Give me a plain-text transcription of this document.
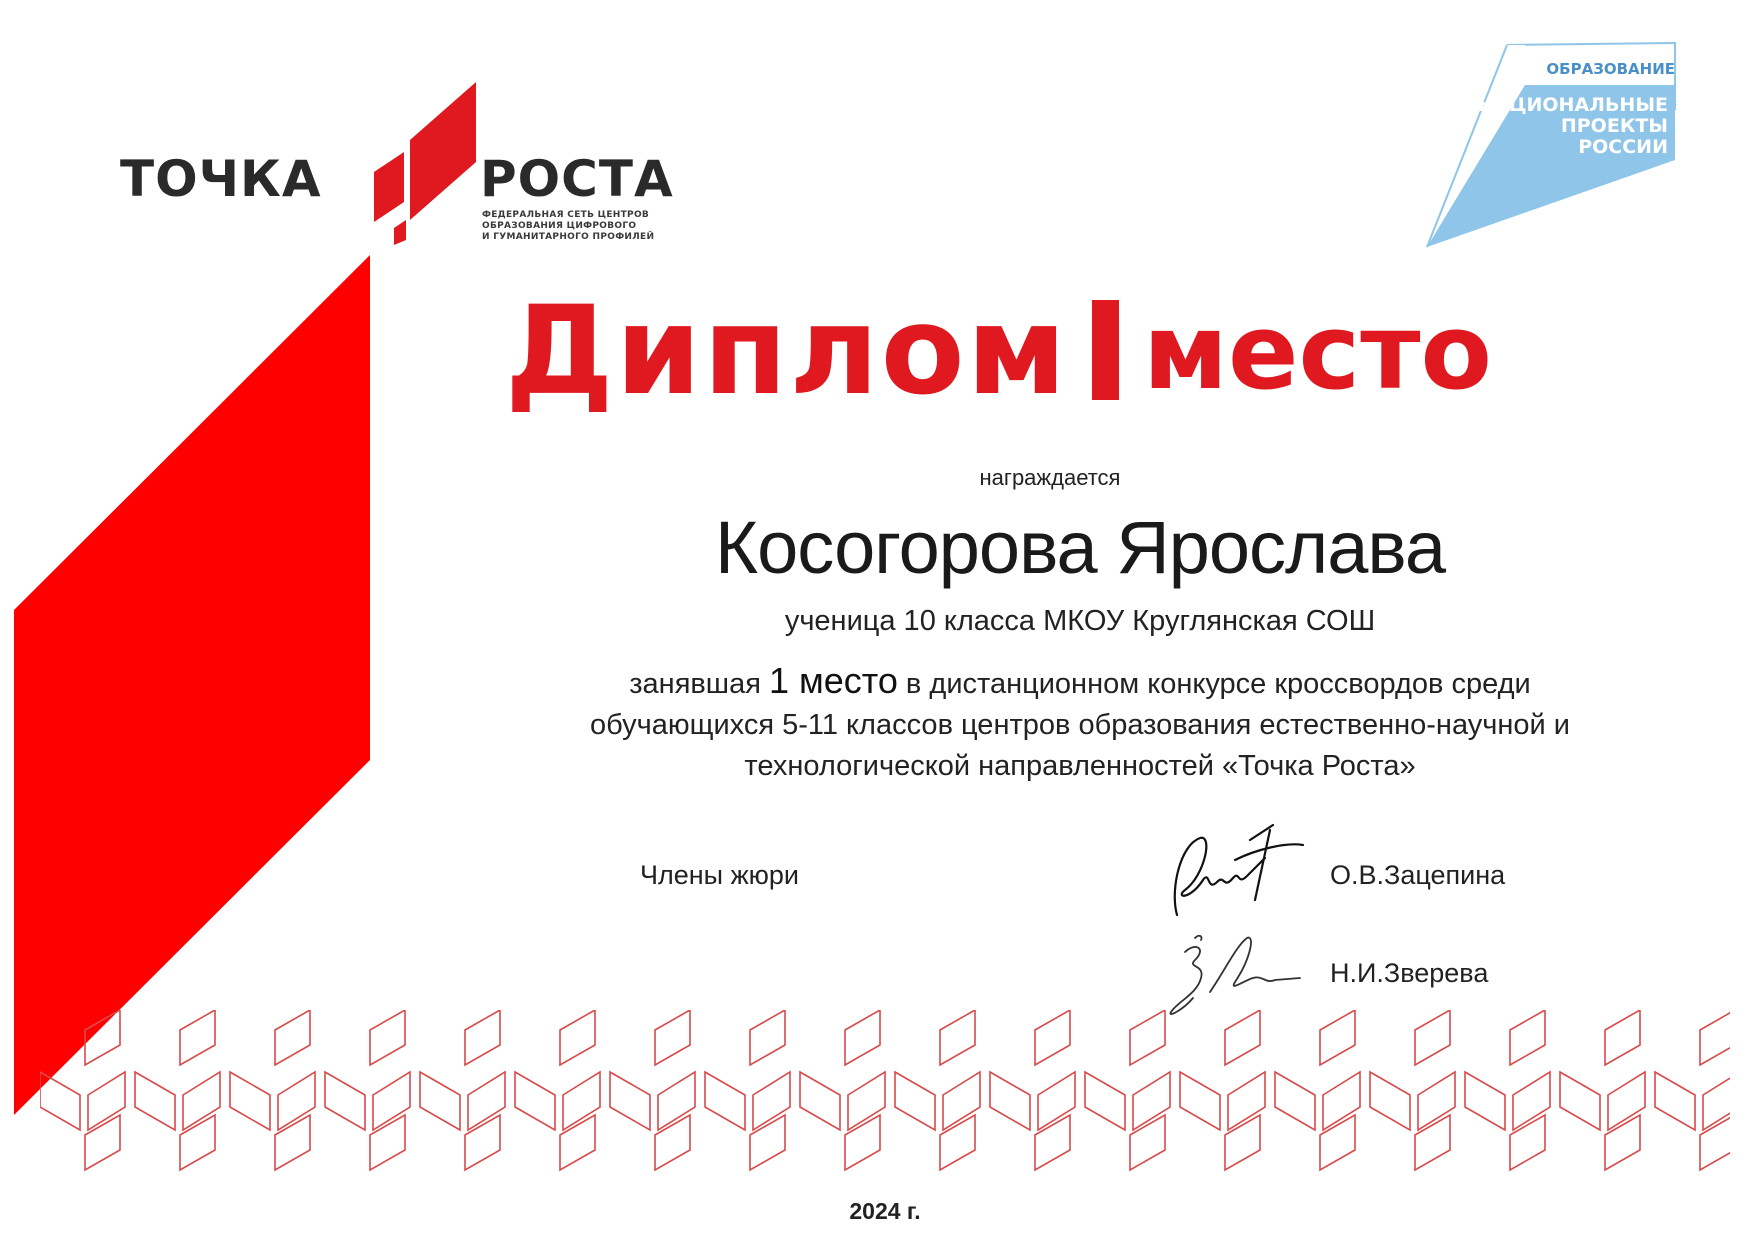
ТОЧКА	РОСТА
ФЕДЕРАЛЬНАЯ СЕТЬ ЦЕНТРОВ
ОБРАЗОВАНИЯ ЦИФРОВОГО
И ГУМАНИТАРНОГО ПРОФИЛЕЙ
ОБРАЗОВАНИЕ
НАЦИОНАЛЬНЫЕ
ПРОЕКТЫ
РОССИИ
Диплом место
награждается
Косогорова Ярослава
ученица 10 класса МКОУ Круглянская СОШ
занявшая 1 место в дистанционном конкурсе кроссвордов среди
обучающихся 5-11 классов центров образования естественно-научной и
технологической направленностей «Точка Роста»
Члены жюри	О.В.Зацепина
Н.И.Зверева
2024 г.
